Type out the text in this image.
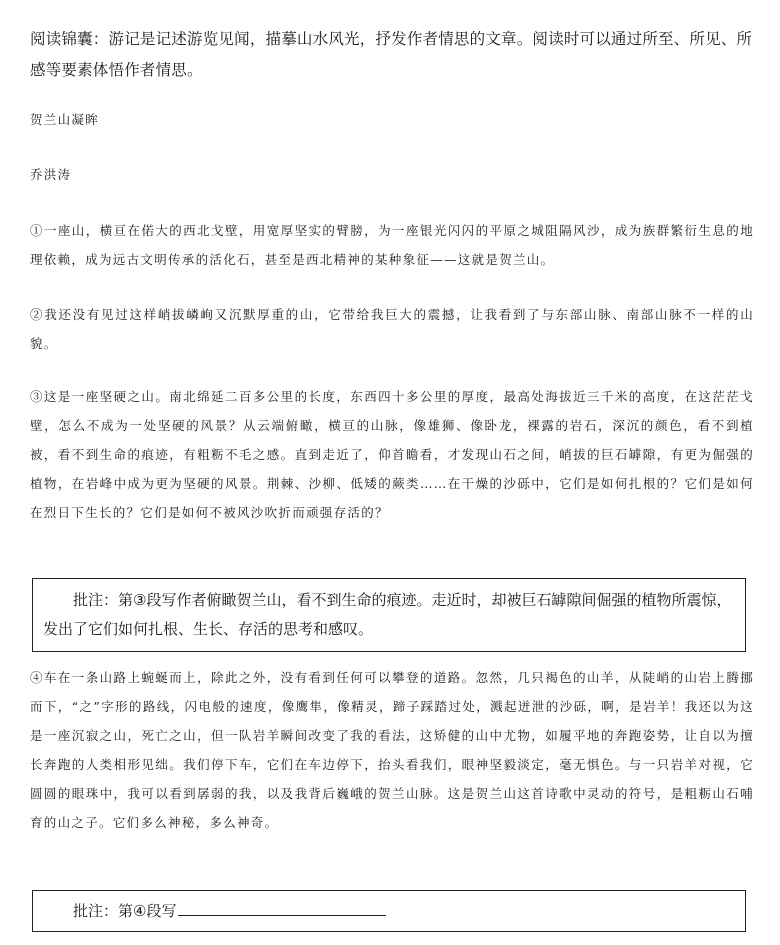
阅读锦囊：游记是记述游览见闻，描摹山水风光，抒发作者情思的文章。阅读时可以通过所至、所见、所感等要素体悟作者情思。
贺兰山凝眸
乔洪涛
①一座山，横亘在偌大的西北戈壁，用宽厚坚实的臂膀，为一座银光闪闪的平原之城阻隔风沙，成为族群繁衍生息的地理依赖，成为远古文明传承的活化石，甚至是西北精神的某种象征——这就是贺兰山。
②我还没有见过这样峭拔嶙峋又沉默厚重的山，它带给我巨大的震撼，让我看到了与东部山脉、南部山脉不一样的山貌。
③这是一座坚硬之山。南北绵延二百多公里的长度，东西四十多公里的厚度，最高处海拔近三千米的高度，在这茫茫戈壁，怎么不成为一处坚硬的风景？从云端俯瞰，横亘的山脉，像雄狮、像卧龙，裸露的岩石，深沉的颜色，看不到植被，看不到生命的痕迹，有粗粝不毛之感。直到走近了，仰首瞻看，才发现山石之间，峭拔的巨石罅隙，有更为倔强的植物，在岩峰中成为更为坚硬的风景。荆棘、沙柳、低矮的蕨类……在干燥的沙砾中，它们是如何扎根的？它们是如何在烈日下生长的？它们是如何不被风沙吹折而顽强存活的？
批注：第③段写作者俯瞰贺兰山，看不到生命的痕迹。走近时，却被巨石罅隙间倔强的植物所震惊，发出了它们如何扎根、生长、存活的思考和感叹。
④车在一条山路上蜿蜒而上，除此之外，没有看到任何可以攀登的道路。忽然，几只褐色的山羊，从陡峭的山岩上腾挪而下，“之”字形的路线，闪电般的速度，像鹰隼，像精灵，蹄子踩踏过处，溅起迸泄的沙砾，啊，是岩羊！我还以为这是一座沉寂之山，死亡之山，但一队岩羊瞬间改变了我的看法，这矫健的山中尤物，如履平地的奔跑姿势，让自以为擅长奔跑的人类相形见绌。我们停下车，它们在车边停下，抬头看我们，眼神坚毅淡定，毫无惧色。与一只岩羊对视，它圆圆的眼珠中，我可以看到孱弱的我，以及我背后巍峨的贺兰山脉。这是贺兰山这首诗歌中灵动的符号，是粗粝山石哺育的山之子。它们多么神秘，多么神奇。
批注：第④段写
